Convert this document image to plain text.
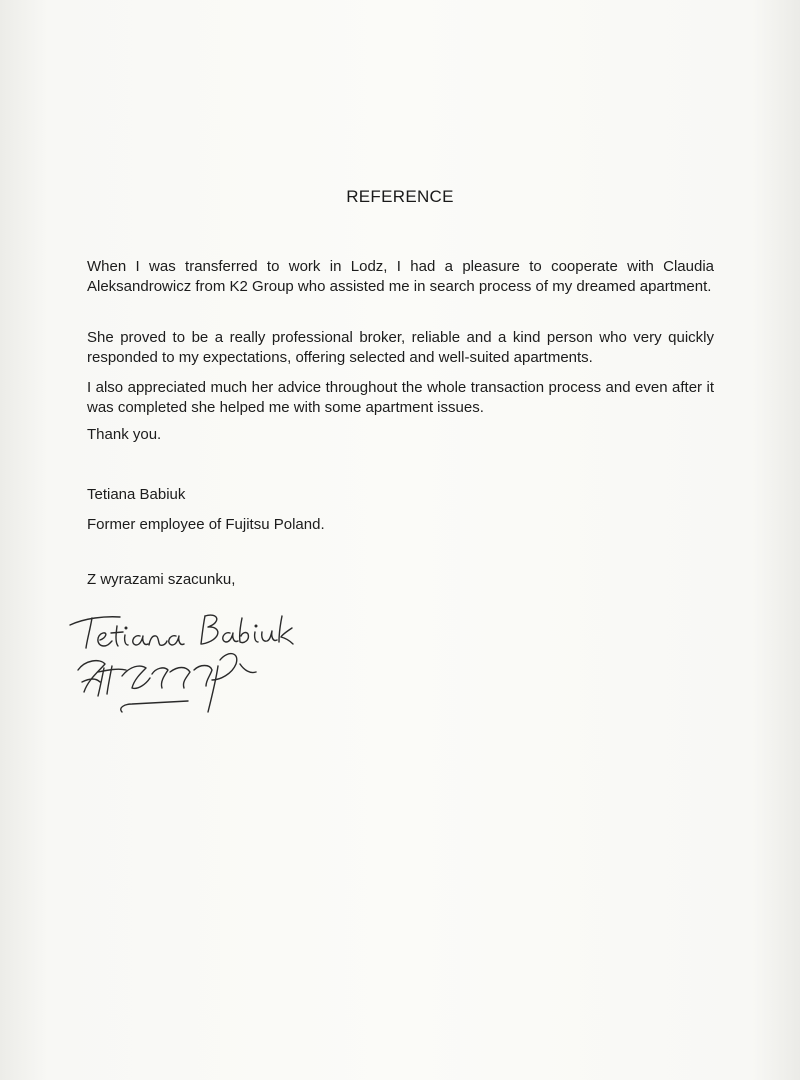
REFERENCE

When I was transferred to work in Lodz, I had a pleasure to cooperate with Claudia Aleksandrowicz from K2 Group who assisted me in search process of my dreamed apartment.

She proved to be a really professional broker, reliable and a kind person who very quickly responded to my expectations, offering selected and well-suited apartments.

I also appreciated much her advice throughout the whole transaction process and even after it was completed she helped me with some apartment issues.

Thank you.

Tetiana Babiuk

Former employee of Fujitsu Poland.

Z wyrazami szacunku,
